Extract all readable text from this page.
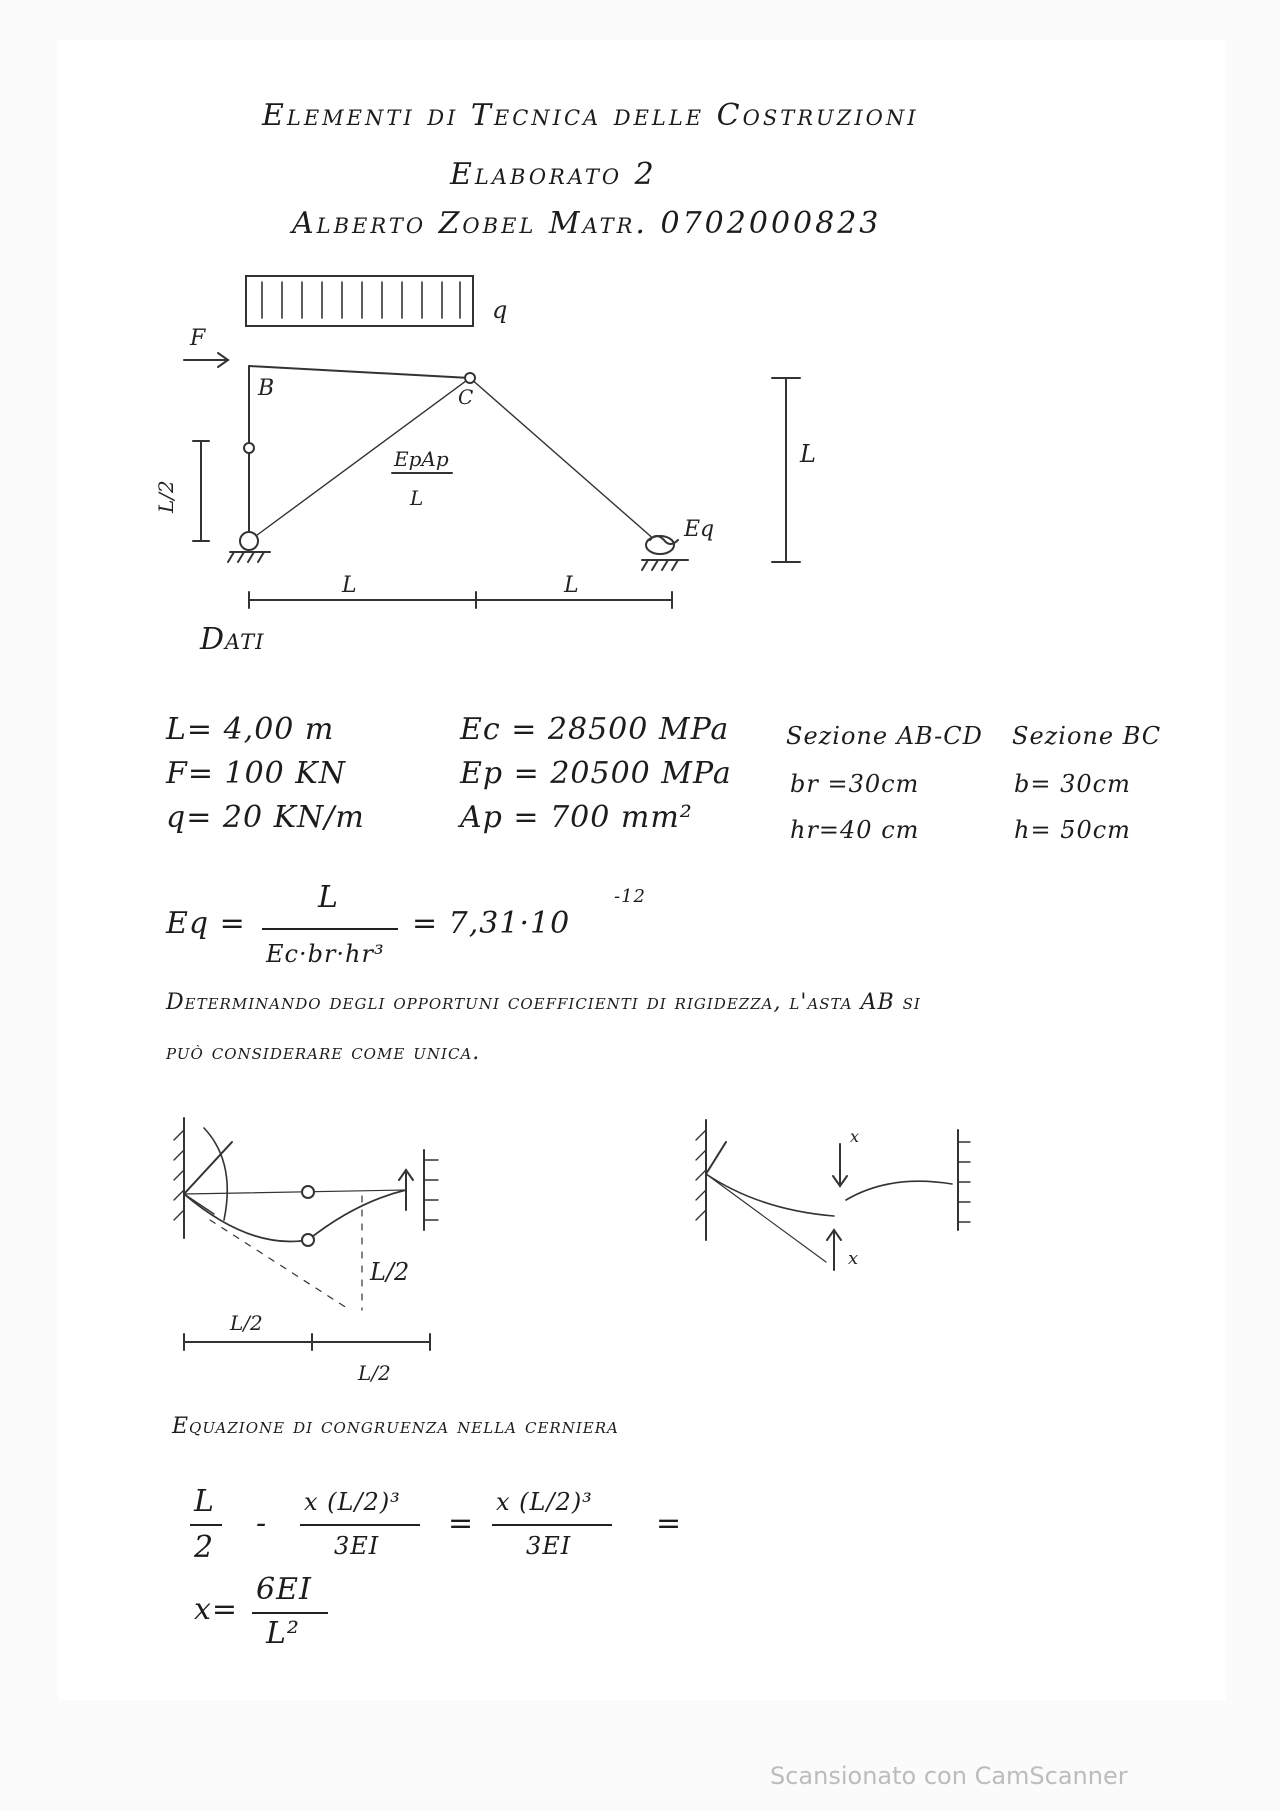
Elementi di Tecnica delle Costruzioni
Elaborato 2
Alberto Zobel Matr. 0702000823
q
F
B	C
EpAp
L
Eq
L/2
L
L	L
Dati
L= 4,00 m
F= 100 KN
q= 20 KN/m
Ec = 28500 MPa
Ep = 20500 MPa
Ap = 700 mm²
Sezione AB-CD
br =30cm
hr=40 cm
Sezione BC
b= 30cm
h= 50cm
Eq =
L
Ec·br·hr³
= 7,31·10
-12
Determinando degli opportuni coefficienti di rigidezza, l'asta AB si
può considerare come unica.
L/2
L/2
L/2
x
x
Equazione di congruenza nella cerniera
L
2
-
x (L/2)³
3EI
=
x (L/2)³
3EI
=
x=
6EI
L²
Scansionato con CamScanner
